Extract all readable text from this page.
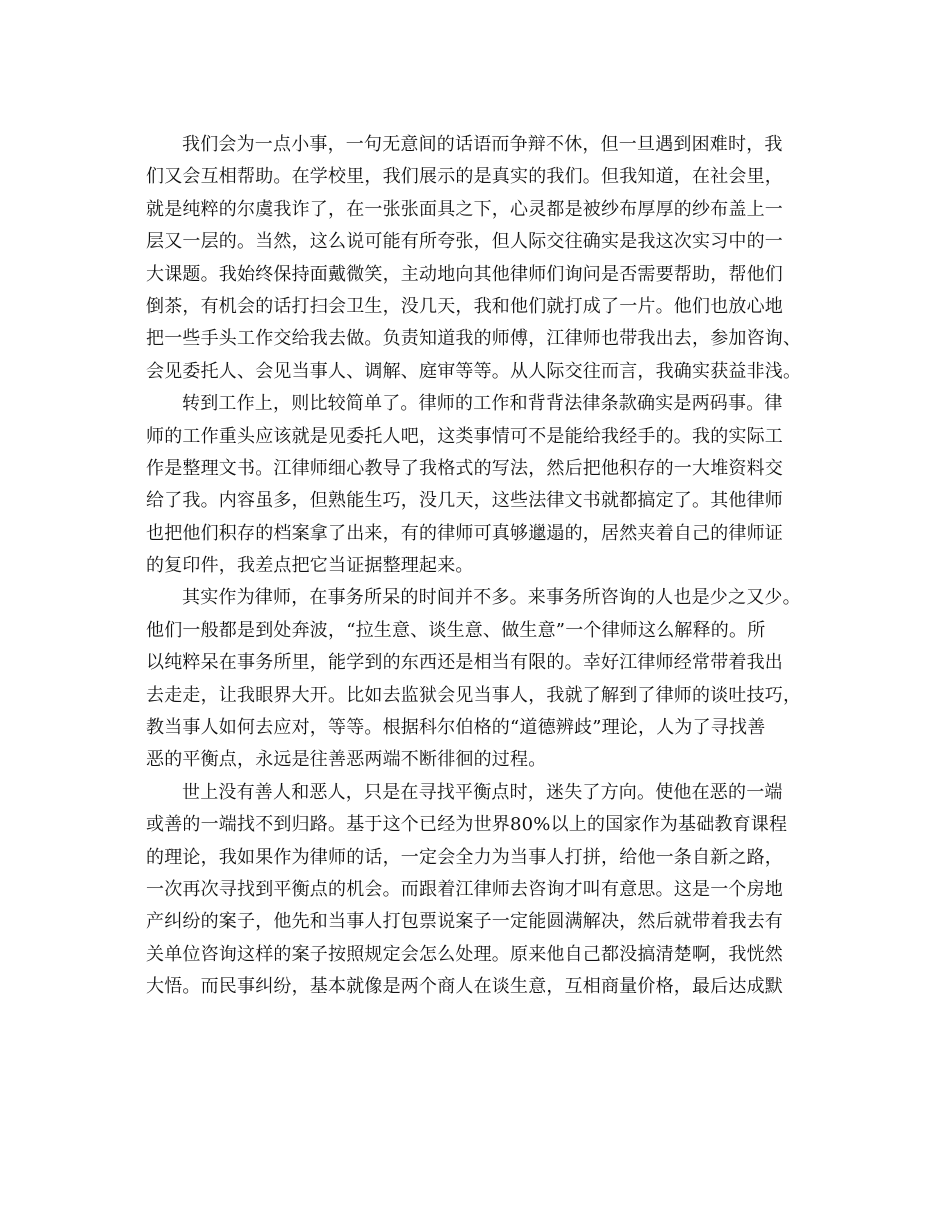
我们会为一点小事，一句无意间的话语而争辩不休，但一旦遇到困难时，我
们又会互相帮助。在学校里，我们展示的是真实的我们。但我知道，在社会里，
就是纯粹的尔虞我诈了，在一张张面具之下，心灵都是被纱布厚厚的纱布盖上一
层又一层的。当然，这么说可能有所夸张，但人际交往确实是我这次实习中的一
大课题。我始终保持面戴微笑，主动地向其他律师们询问是否需要帮助，帮他们
倒茶，有机会的话打扫会卫生，没几天，我和他们就打成了一片。他们也放心地
把一些手头工作交给我去做。负责知道我的师傅，江律师也带我出去，参加咨询、
会见委托人、会见当事人、调解、庭审等等。从人际交往而言，我确实获益非浅。
转到工作上，则比较简单了。律师的工作和背背法律条款确实是两码事。律
师的工作重头应该就是见委托人吧，这类事情可不是能给我经手的。我的实际工
作是整理文书。江律师细心教导了我格式的写法，然后把他积存的一大堆资料交
给了我。内容虽多，但熟能生巧，没几天，这些法律文书就都搞定了。其他律师
也把他们积存的档案拿了出来，有的律师可真够邋遢的，居然夹着自己的律师证
的复印件，我差点把它当证据整理起来。
其实作为律师，在事务所呆的时间并不多。来事务所咨询的人也是少之又少。
他们一般都是到处奔波，“拉生意、谈生意、做生意”一个律师这么解释的。所
以纯粹呆在事务所里，能学到的东西还是相当有限的。幸好江律师经常带着我出
去走走，让我眼界大开。比如去监狱会见当事人，我就了解到了律师的谈吐技巧，
教当事人如何去应对，等等。根据科尔伯格的“道德辨歧”理论，人为了寻找善
恶的平衡点，永远是往善恶两端不断徘徊的过程。
世上没有善人和恶人，只是在寻找平衡点时，迷失了方向。使他在恶的一端
或善的一端找不到归路。基于这个已经为世界80%以上的国家作为基础教育课程
的理论，我如果作为律师的话，一定会全力为当事人打拼，给他一条自新之路，
一次再次寻找到平衡点的机会。而跟着江律师去咨询才叫有意思。这是一个房地
产纠纷的案子，他先和当事人打包票说案子一定能圆满解决，然后就带着我去有
关单位咨询这样的案子按照规定会怎么处理。原来他自己都没搞清楚啊，我恍然
大悟。而民事纠纷，基本就像是两个商人在谈生意，互相商量价格，最后达成默
